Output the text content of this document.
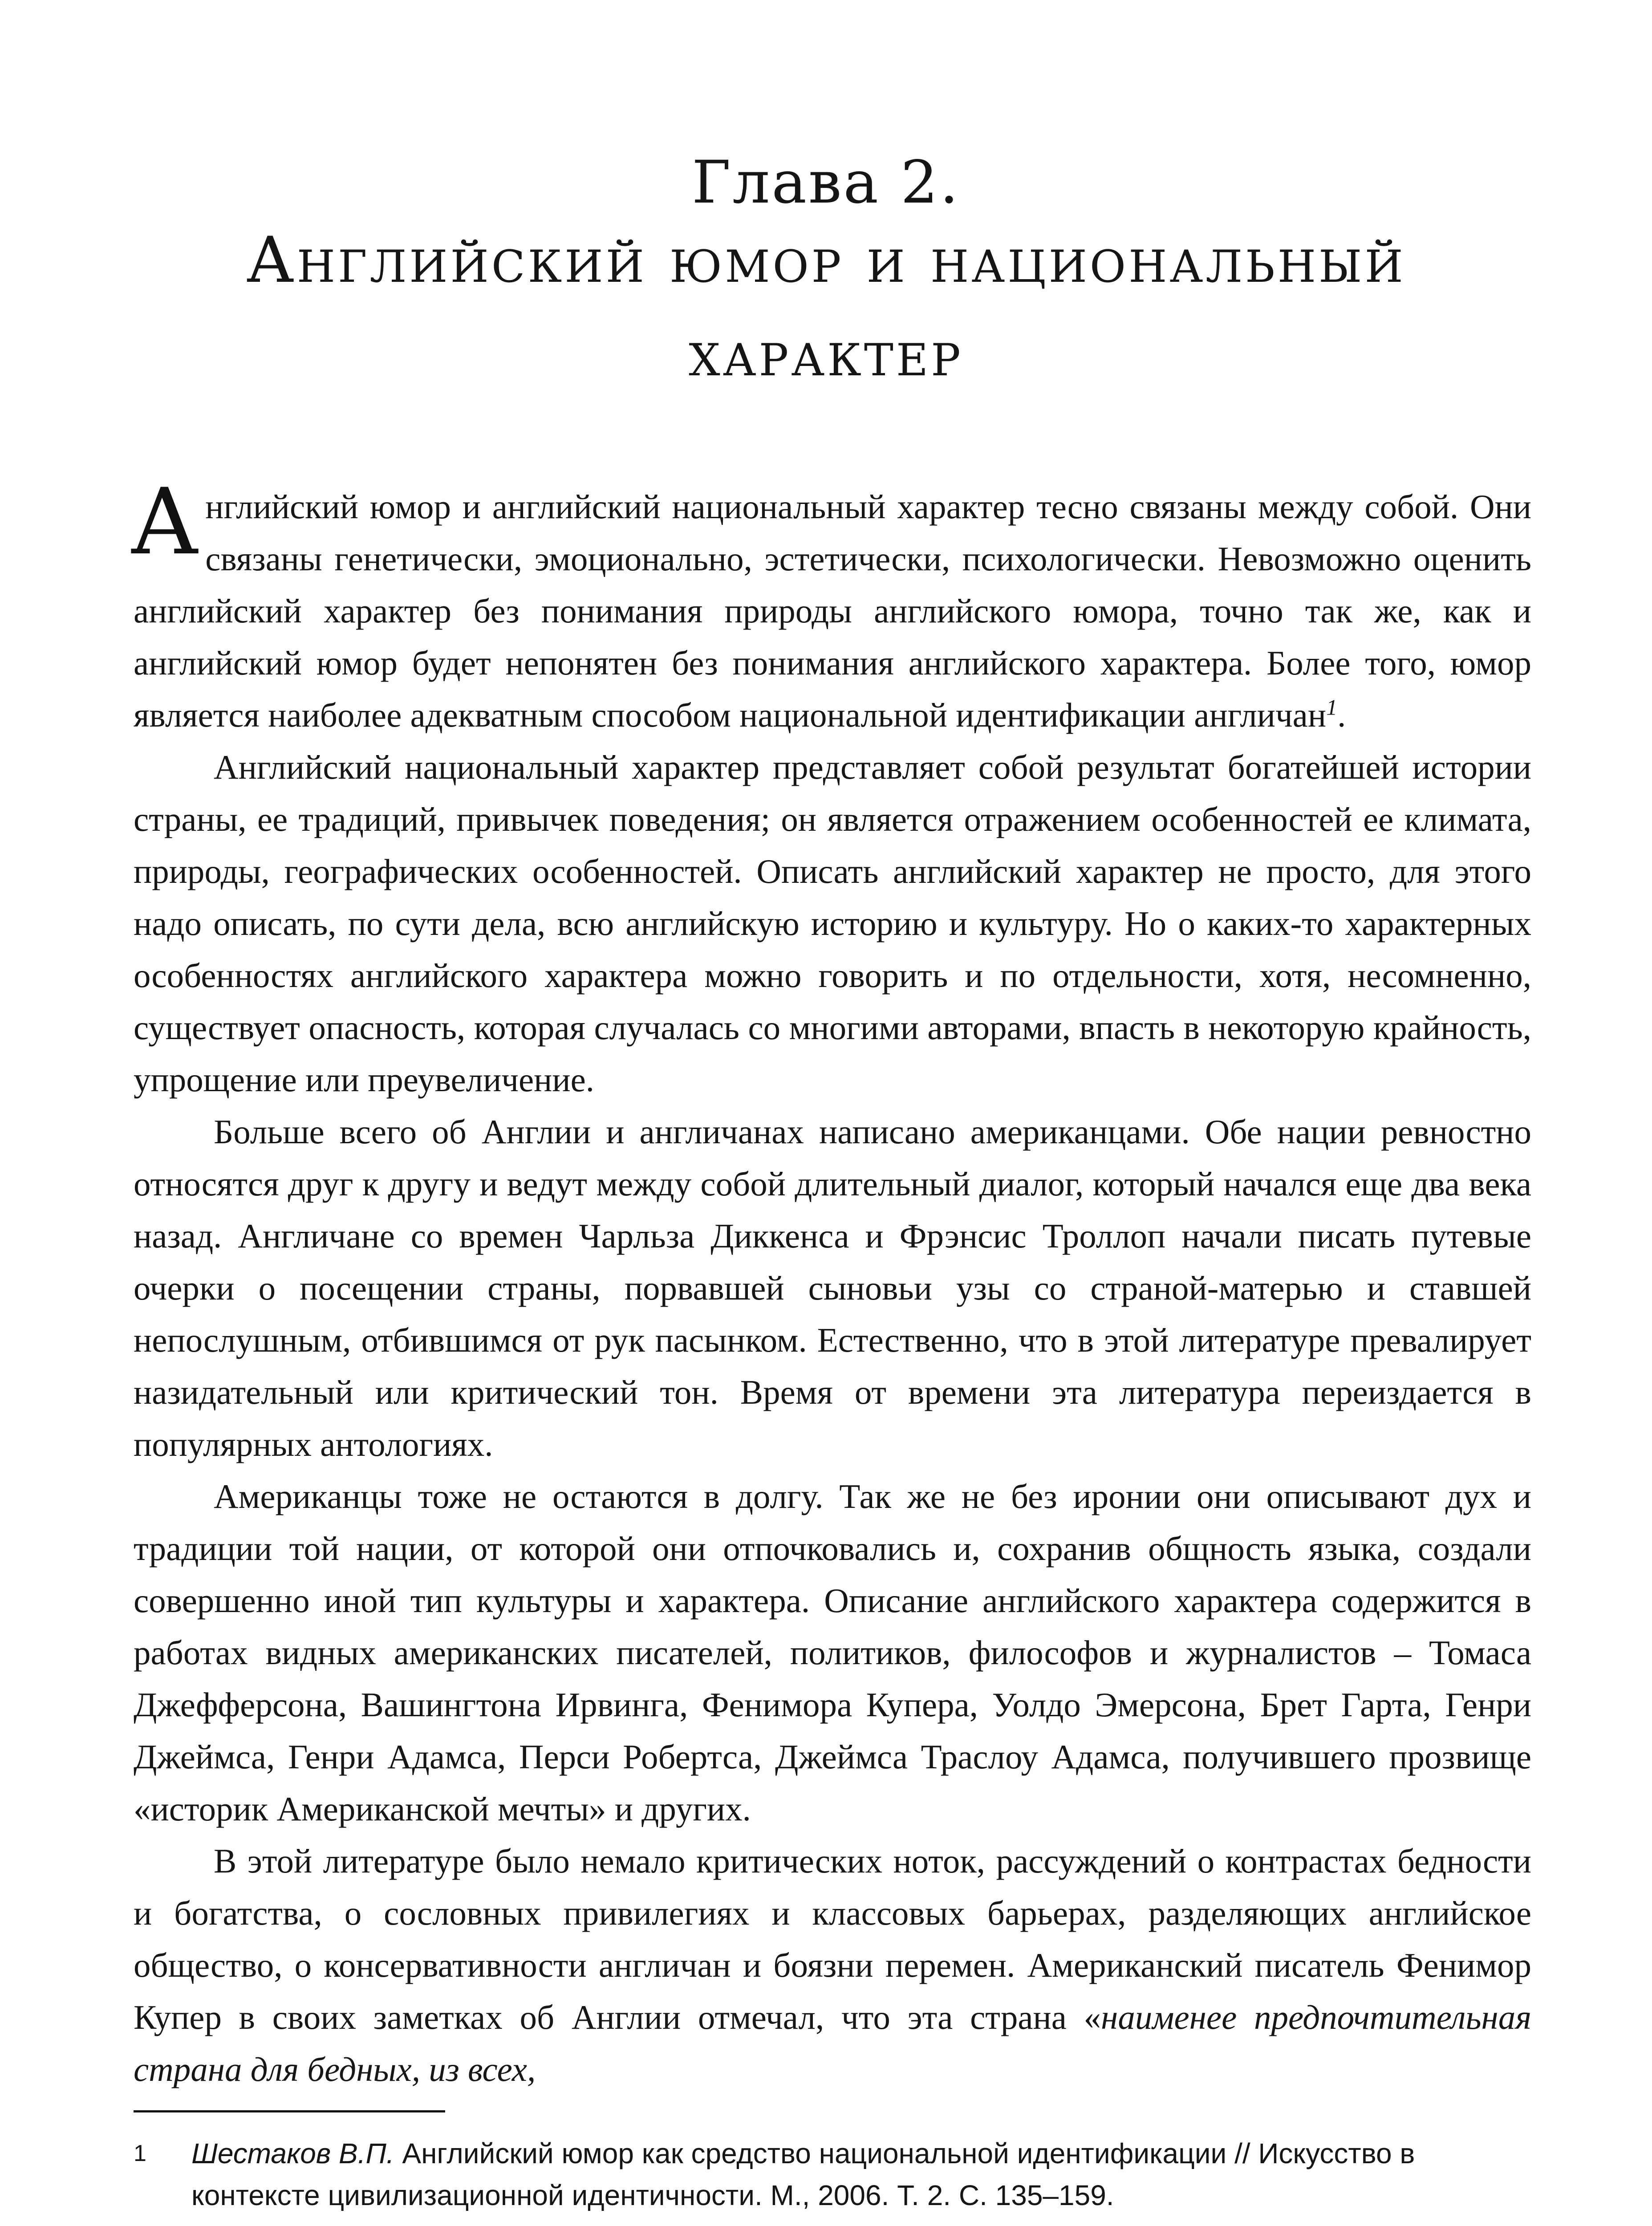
Глава 2.
Английский юмор и национальный
характер

Английский юмор и английский национальный характер тесно связаны между собой. Они связаны генетически, эмоционально, эстетически, психологически. Невозможно оценить английский характер без понимания природы английского юмора, точно так же, как и английский юмор будет непонятен без понимания английского характера. Более того, юмор является наиболее адекватным способом национальной идентификации англичан$^1$.

Английский национальный характер представляет собой результат богатейшей истории страны, ее традиций, привычек поведения; он является отражением особенностей ее климата, природы, географических особенностей. Описать английский характер не просто, для этого надо описать, по сути дела, всю английскую историю и культуру. Но о каких-то характерных особенностях английского характера можно говорить и по отдельности, хотя, несомненно, существует опасность, которая случалась со многими авторами, впасть в некоторую крайность, упрощение или преувеличение.

Больше всего об Англии и англичанах написано американцами. Обе нации ревностно относятся друг к другу и ведут между собой длительный диалог, который начался еще два века назад. Англичане со времен Чарльза Диккенса и Фрэнсис Троллоп начали писать путевые очерки о посещении страны, порвавшей сыновьи узы со страной-матерью и ставшей непослушным, отбившимся от рук пасынком. Естественно, что в этой литературе превалирует назидательный или критический тон. Время от времени эта литература переиздается в популярных антологиях.

Американцы тоже не остаются в долгу. Так же не без иронии они описывают дух и традиции той нации, от которой они отпочковались и, сохранив общность языка, создали совершенно иной тип культуры и характера. Описание английского характера содержится в работах видных американских писателей, политиков, философов и журналистов – Томаса Джефферсона, Вашингтона Ирвинга, Фенимора Купера, Уолдо Эмерсона, Брет Гарта, Генри Джеймса, Генри Адамса, Перси Робертса, Джеймса Траслоу Адамса, получившего прозвище «историк Американской мечты» и других.

В этой литературе было немало критических ноток, рассуждений о контрастах бедности и богатства, о сословных привилегиях и классовых барьерах, разделяющих английское общество, о консервативности англичан и боязни перемен. Американский писатель Фенимор Купер в своих заметках об Англии отмечал, что эта страна «наименее предпочтительная страна для бедных, из всех,

1 Шестаков В.П. Английский юмор как средство национальной идентификации // Искусство в контексте цивилизационной идентичности. М., 2006. Т. 2. С. 135–159.
